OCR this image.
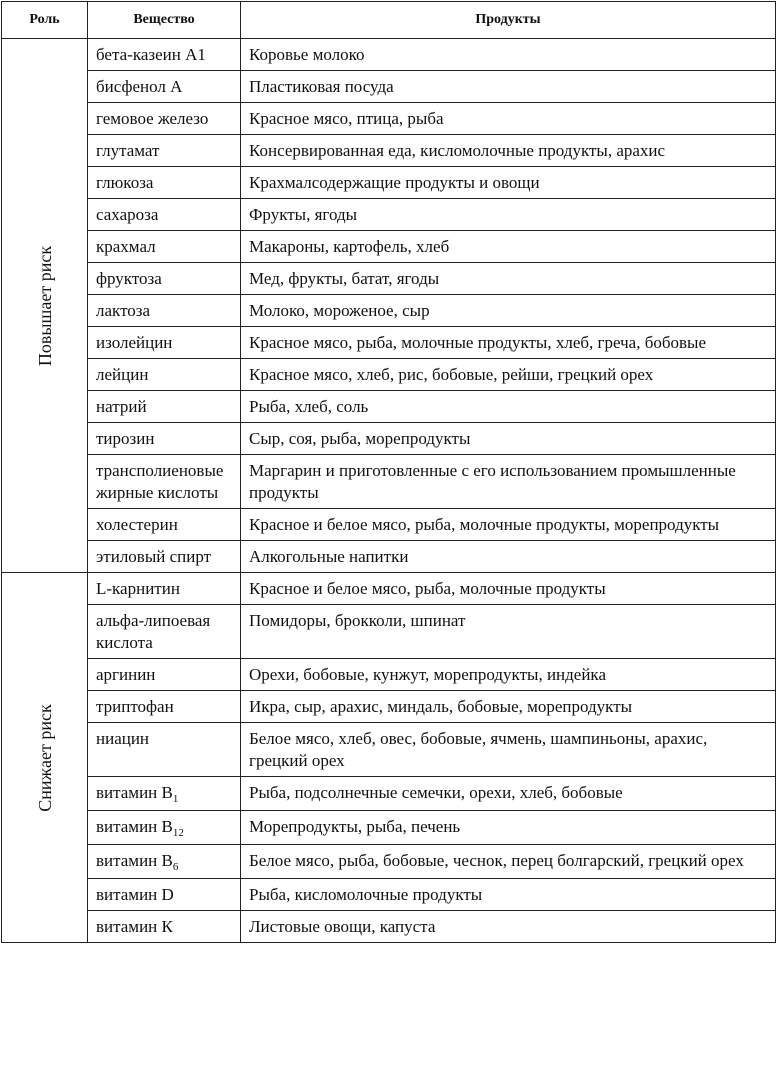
Роль	Вещество	Продукты

Повышает риск	бета-казеин A1	Коровье молоко
	бисфенол A	Пластиковая посуда
	гемовое железо	Красное мясо, птица, рыба
	глутамат	Консервированная еда, кисломолочные продукты, арахис
	глюкоза	Крахмалсодержащие продукты и овощи
	сахароза	Фрукты, ягоды
	крахмал	Макароны, картофель, хлеб
	фруктоза	Мед, фрукты, батат, ягоды
	лактоза	Молоко, мороженое, сыр
	изолейцин	Красное мясо, рыба, молочные продукты, хлеб, греча, бобовые
	лейцин	Красное мясо, хлеб, рис, бобовые, рейши, грецкий орех
	натрий	Рыба, хлеб, соль
	тирозин	Сыр, соя, рыба, морепродукты
	трансполиеновые жирные кислоты	Маргарин и приготовленные с его использованием промышленные продукты
	холестерин	Красное и белое мясо, рыба, молочные продукты, морепродукты
	этиловый спирт	Алкогольные напитки

Снижает риск	L-карнитин	Красное и белое мясо, рыба, молочные продукты
	альфа-липоевая кислота	Помидоры, брокколи, шпинат
	аргинин	Орехи, бобовые, кунжут, морепродукты, индейка
	триптофан	Икра, сыр, арахис, миндаль, бобовые, морепродукты
	ниацин	Белое мясо, хлеб, овес, бобовые, ячмень, шампиньоны, арахис, грецкий орех
	витамин $B_1$	Рыба, подсолнечные семечки, орехи, хлеб, бобовые
	витамин $B_{12}$	Морепродукты, рыба, печень
	витамин $B_6$	Белое мясо, рыба, бобовые, чеснок, перец болгарский, грецкий орех
	витамин D	Рыба, кисломолочные продукты
	витамин К	Листовые овощи, капуста
